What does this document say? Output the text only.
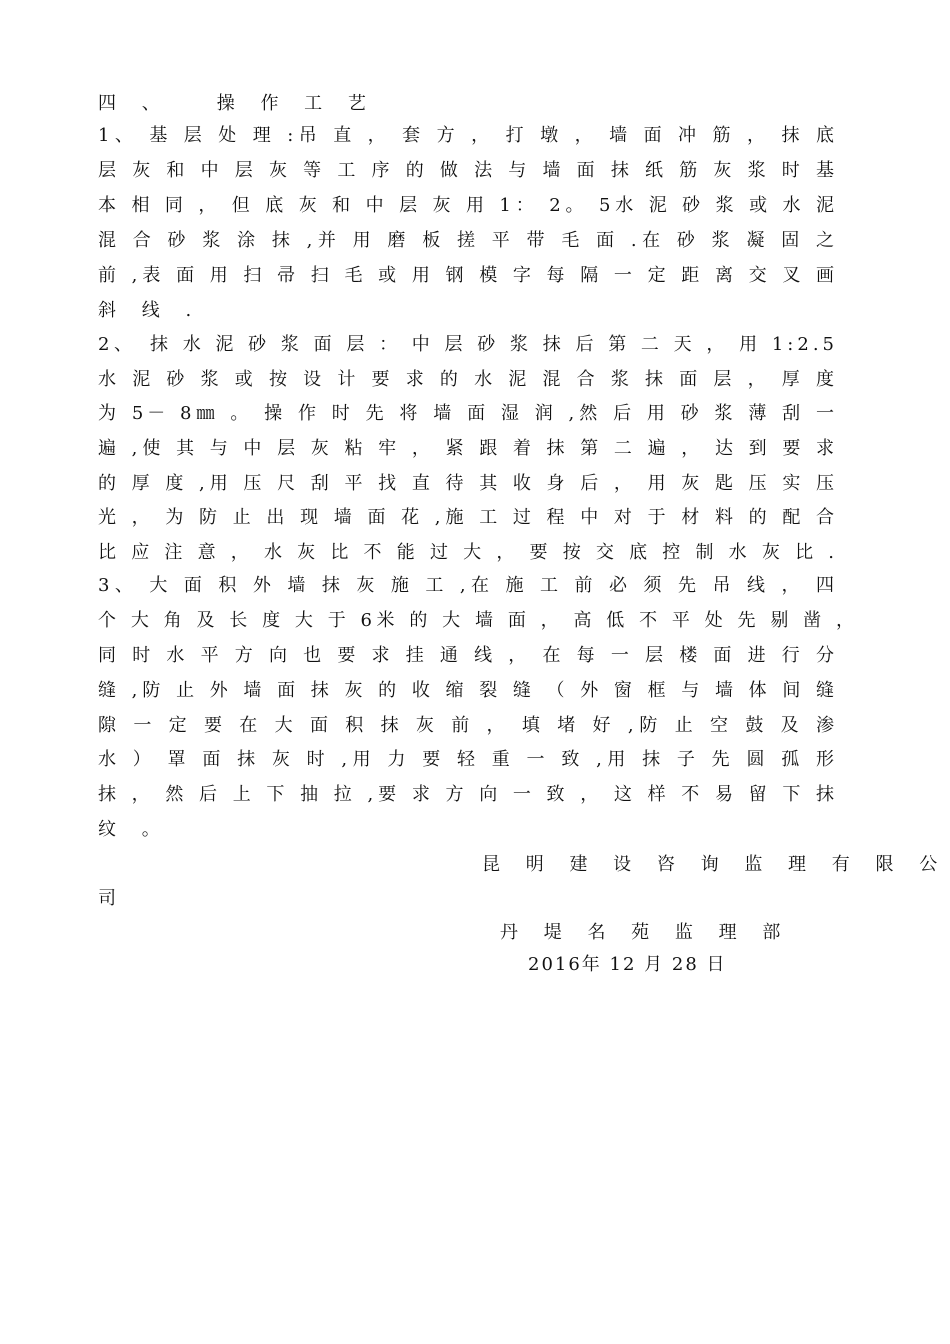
四 、　　操 作 工 艺
1、 基 层 处 理 :吊 直 ， 套 方 ， 打 墩 ， 墙 面 冲 筋 ， 抹 底
层 灰 和 中 层 灰 等 工 序 的 做 法 与 墙 面 抹 纸 筋 灰 浆 时 基
本 相 同 ， 但 底 灰 和 中 层 灰 用 1： 2。 5水 泥 砂 浆 或 水 泥
混 合 砂 浆 涂 抹 ,并 用 磨 板 搓 平 带 毛 面 .在 砂 浆 凝 固 之
前 ,表 面 用 扫 帚 扫 毛 或 用 钢 模 字 每 隔 一 定 距 离 交 叉 画
斜 线 .
2、　抹 水 泥 砂 浆 面 层 ： 中 层 砂 浆 抹 后 第 二 天 ， 用 1:2.5
水 泥 砂 浆 或 按 设 计 要 求 的 水 泥 混 合 浆 抹 面 层 ， 厚 度
为 5－ 8㎜ 。 操 作 时 先 将 墙 面 湿 润 ,然 后 用 砂 浆 薄 刮 一
遍 ,使 其 与 中 层 灰 粘 牢 ， 紧 跟 着 抹 第 二 遍 ， 达 到 要 求
的 厚 度 ,用 压 尺 刮 平 找 直 待 其 收 身 后 ， 用 灰 匙 压 实 压
光 ， 为 防 止 出 现 墙 面 花 ,施 工 过 程 中 对 于 材 料 的 配 合
比 应 注 意 ， 水 灰 比 不 能 过 大 ， 要 按 交 底 控 制 水 灰 比 .
3、 大 面 积 外 墙 抹 灰 施 工 ,在 施 工 前 必 须 先 吊 线 ， 四
个 大 角 及 长 度 大 于 6米 的 大 墙 面 ， 高 低 不 平 处 先 剔 凿 ，
同 时 水 平 方 向 也 要 求 挂 通 线 ， 在 每 一 层 楼 面 进 行 分
缝 ,防 止 外 墙 面 抹 灰 的 收 缩 裂 缝 （ 外 窗 框 与 墙 体 间 缝
隙 一 定 要 在 大 面 积 抹 灰 前 ， 填 堵 好 ,防 止 空 鼓 及 渗
水 ） 罩 面 抹 灰 时 ,用 力 要 轻 重 一 致 ,用 抹 子 先 圆 孤 形
抹 ， 然 后 上 下 抽 拉 ,要 求 方 向 一 致 ， 这 样 不 易 留 下 抹
纹 。
昆 明 建 设 咨 询 监 理 有 限 公
司
丹 堤 名 苑 监 理 部
2016年 12 月 28 日
